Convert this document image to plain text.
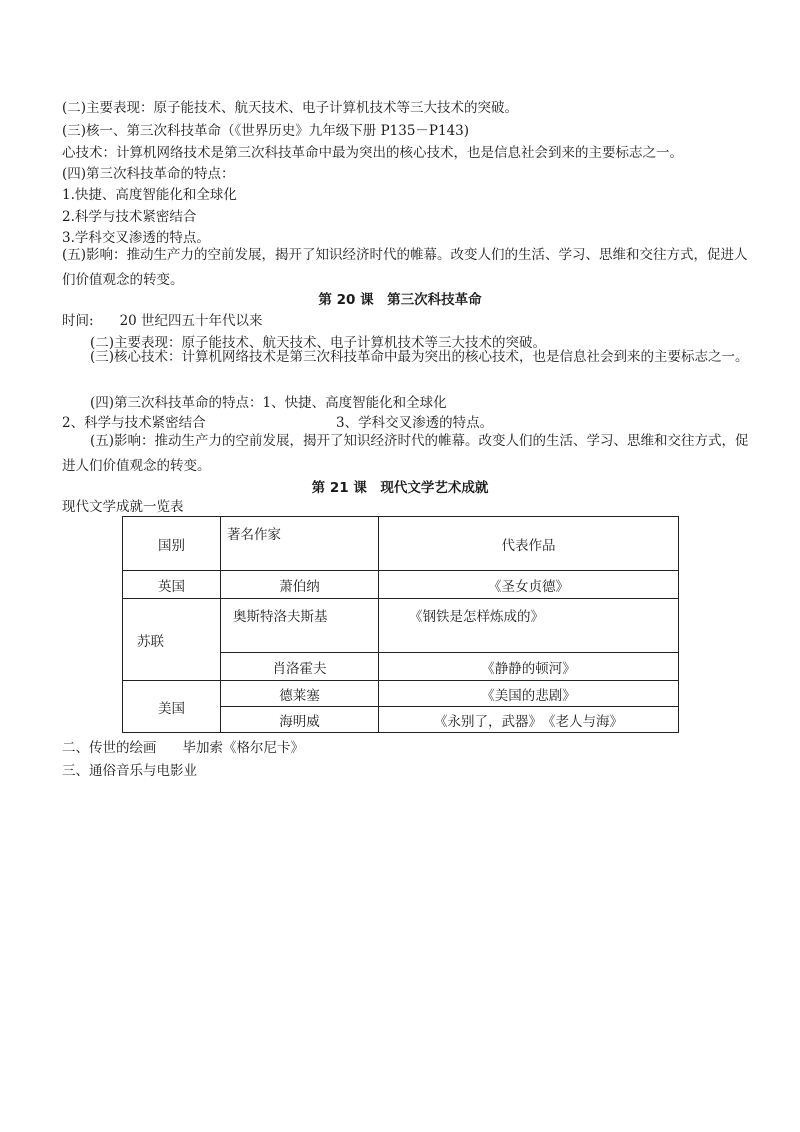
(二)主要表现：原子能技术、航天技术、电子计算机技术等三大技术的突破。
(三)核一、第三次科技革命（《世界历史》九年级下册 P135－P143)
心技术：计算机网络技术是第三次科技革命中最为突出的核心技术，也是信息社会到来的主要标志之一。
(四)第三次科技革命的特点：
1.快捷、高度智能化和全球化
2.科学与技术紧密结合
3.学科交叉渗透的特点。
(五)影响：推动生产力的空前发展，揭开了知识经济时代的帷幕。改变人们的生活、学习、思维和交往方式，促进人们价值观念的转变。
第 20 课　第三次科技革命
时间: 20 世纪四五十年代以来
(二)主要表现：原子能技术、航天技术、电子计算机技术等三大技术的突破。
(三)核心技术：计算机网络技术是第三次科技革命中最为突出的核心技术，也是信息社会到来的主要标志之一。
(四)第三次科技革命的特点：1、快捷、高度智能化和全球化
2、科学与技术紧密结合	3、学科交叉渗透的特点。
(五)影响：推动生产力的空前发展，揭开了知识经济时代的帷幕。改变人们的生活、学习、思维和交往方式，促进人们价值观念的转变。
第 21 课　现代文学艺术成就
现代文学成就一览表
国别	著名作家	代表作品
英国	萧伯纳	《圣女贞德》
苏联	奥斯特洛夫斯基	《钢铁是怎样炼成的》
	肖洛霍夫	《静静的顿河》
美国	德莱塞	《美国的悲剧》
	海明威	《永别了，武器》　《老人与海》
二、传世的绘画 毕加索《格尔尼卡》
三、通俗音乐与电影业
